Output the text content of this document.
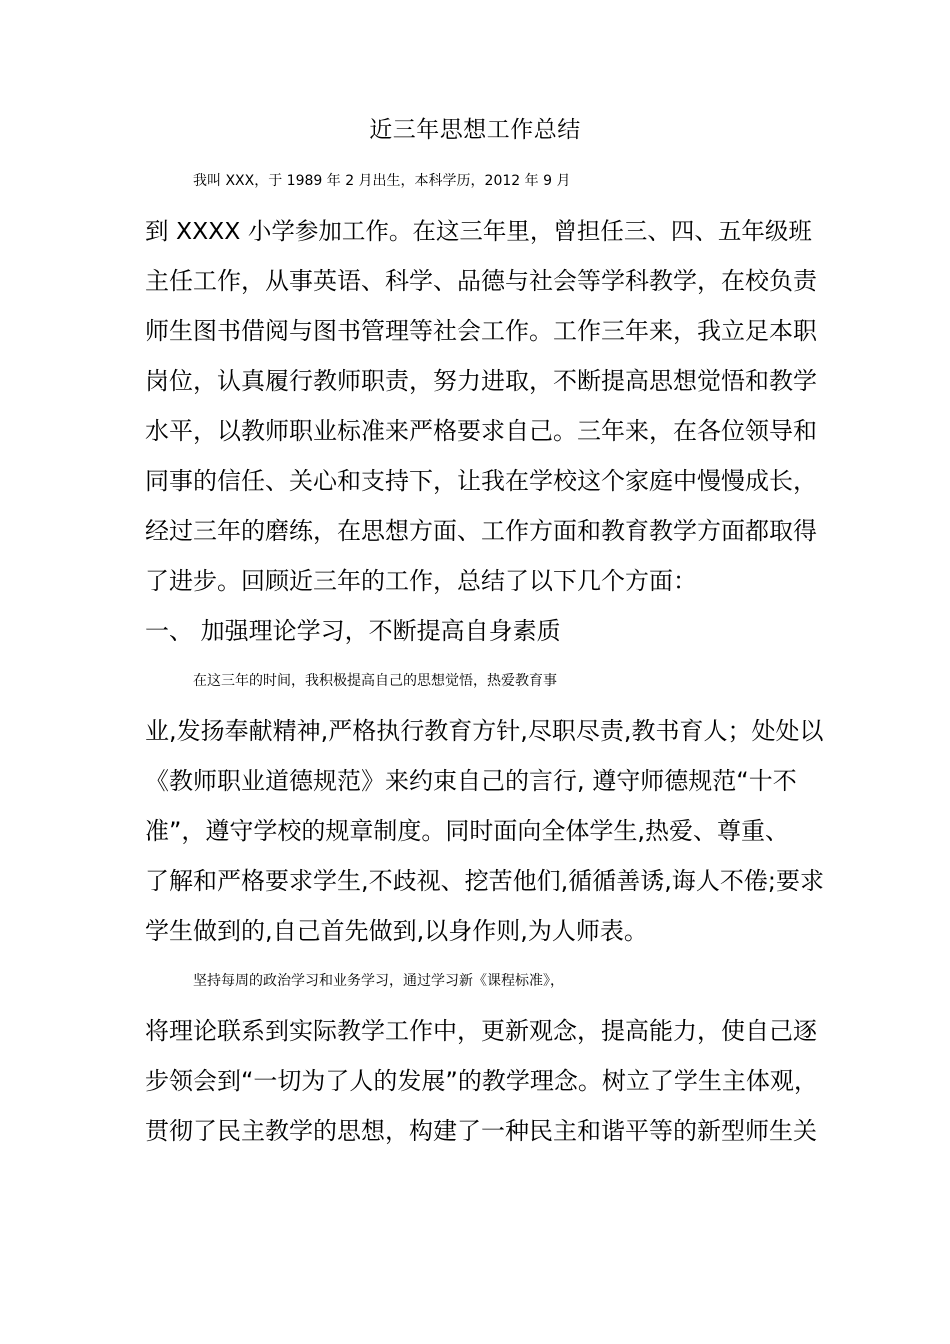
近三年思想工作总结
我叫 XXX，于 1989 年 2 月出生，本科学历，2012 年 9 月
到 XXXX 小学参加工作。在这三年里，曾担任三、四、五年级班
主任工作，从事英语、科学、品德与社会等学科教学，在校负责
师生图书借阅与图书管理等社会工作。工作三年来，我立足本职
岗位，认真履行教师职责，努力进取，不断提高思想觉悟和教学
水平，以教师职业标准来严格要求自己。三年来，在各位领导和
同事的信任、关心和支持下，让我在学校这个家庭中慢慢成长，
经过三年的磨练，在思想方面、工作方面和教育教学方面都取得
了进步。回顾近三年的工作，总结了以下几个方面：
一、 加强理论学习，不断提高自身素质
在这三年的时间，我积极提高自己的思想觉悟，热爱教育事
业,发扬奉献精神,严格执行教育方针,尽职尽责,教书育人；处处以
《教师职业道德规范》来约束自己的言行, 遵守师德规范“十不
准”，遵守学校的规章制度。同时面向全体学生,热爱、尊重、
了解和严格要求学生,不歧视、挖苦他们,循循善诱,诲人不倦;要求
学生做到的,自己首先做到,以身作则,为人师表。
坚持每周的政治学习和业务学习，通过学习新《课程标准》，
将理论联系到实际教学工作中，更新观念，提高能力，使自己逐
步领会到“一切为了人的发展”的教学理念。树立了学生主体观，
贯彻了民主教学的思想，构建了一种民主和谐平等的新型师生关
